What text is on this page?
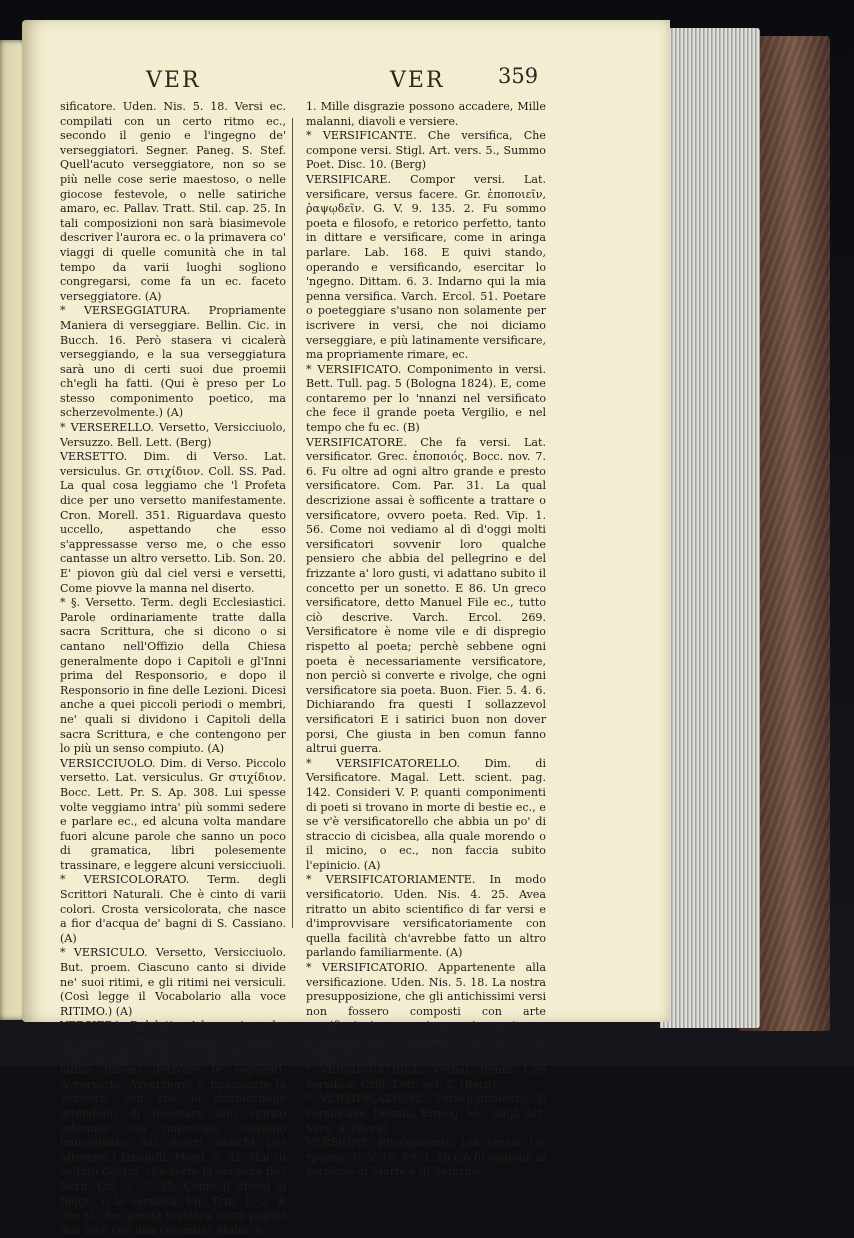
VER	VER	359

sificatore. Uden. Nis. 5. 18. Versi ec. compilati con un certo ritmo ec., secondo il genio e l'ingegno de' verseggiatori. Segner. Paneg. S. Stef. Quell'acuto verseggiatore, non so se più nelle cose serie maestoso, o nelle giocose festevole, o nelle satiriche amaro, ec. Pallav. Tratt. Stil. cap. 25. In tali composizioni non sarà biasimevole descriver l'aurora ec. o la primavera co' viaggi di quelle comunità che in tal tempo da varii luoghi sogliono congregarsi, come fa un ec. faceto verseggiatore. (A)

* VERSEGGIATURA. Propriamente Maniera di verseggiare. Bellin. Cic. in Bucch. 16. Però stasera vi cicalerà verseggiando, e la sua verseggiatura sarà uno di certi suoi due proemii ch'egli ha fatti. (Qui è preso per Lo stesso componimento poetico, ma scherzevolmente.) (A)

* VERSERELLO. Versetto, Versicciuolo, Versuzzo. Bell. Lett. (Berg)

VERSETTO. Dim. di Verso. Lat. versiculus. Gr. στιχίδιον. Coll. SS. Pad. La qual cosa leggiamo che 'l Profeta dice per uno versetto manifestamente. Cron. Morell. 351. Riguardava questo uccello, aspettando che esso s'appressasse verso me, o che esso cantasse un altro versetto. Lib. Son. 20. E' piovon giù dal ciel versi e versetti, Come piovve la manna nel diserto.

* §. Versetto. Term. degli Ecclesiastici. Parole ordinariamente tratte dalla sacra Scrittura, che si dicono o si cantano nell'Offizio della Chiesa generalmente dopo i Capitoli e gl'Inni prima del Responsorio, e dopo il Responsorio in fine delle Lezioni. Dicesi anche a quei piccoli periodi o membri, ne' quali si dividono i Capitoli della sacra Scrittura, e che contengono per lo più un senso compiuto. (A)

VERSICCIUOLO. Dim. di Verso. Piccolo versetto. Lat. versiculus. Gr στιχίδιον. Bocc. Lett. Pr. S. Ap. 308. Lui spesse volte veggiamo intra' più sommi sedere e parlare ec., ed alcuna volta mandare fuori alcune parole che sanno un poco di gramatica, libri polesemente trassinare, e leggere alcuni versicciuoli.

* VERSICOLORATO. Term. degli Scrittori Naturali. Che è cinto di varii colori. Crosta versicolorata, che nasce a fior d'acqua de' bagni di S. Cassiano. (A)

* VERSICULO. Versetto, Versicciuolo. But. proem. Ciascuno canto si divide ne' suoi ritimi, e gli ritimi nei versiculi. (Così legge il Vocabolario alla voce RITIMO.) (A)

VERSIERA. Dal latin. Adversarius, che in senso scritturale significa l' inimico degli uomini, il Diavolo. Da essa voce latina furono derivate le seguenti: Avversario, Avversiere; e finalmente la Versiera, con che le donnicciuole intendono di denotare uno spirito infernale con improvido consiglio immaginato dai nostri antichi per atterrire i fanciulli. Morg. 5. 42. Hai tu veduto Costui, che certo la versiera fia? Bern. Orl. 3. 7. 55. Come il diavol si fugge, o la versiera. Fir. Trin. 1. 2. E che sì, che questa versiera vorrà pigliar due fave con una colomba? Malm. 8.

1. Mille disgrazie possono accadere, Mille malanni, diavoli e versiere.

* VERSIFICANTE. Che versifica, Che compone versi. Stigl. Art. vers. 5., Summo Poet. Disc. 10. (Berg)

VERSIFICARE. Compor versi. Lat. versificare, versus facere. Gr. ἐποποιεῖν, ῥαψῳδεῖν. G. V. 9. 135. 2. Fu sommo poeta e filosofo, e retorico perfetto, tanto in dittare e versificare, come in aringa parlare. Lab. 168. E quivi standο, operando e versificando, esercitar lo 'ngegno. Dittam. 6. 3. Indarno qui la mia penna versifica. Varch. Ercol. 51. Poetare o poeteggiare s'usano non solamente per iscrivere in versi, che noi diciamo verseggiare, e più latinamente versificare, ma propriamente rimare, ec.

* VERSIFICATO. Componimento in versi. Bett. Tull. pag. 5 (Bologna 1824). E, come contaremo per lo 'nnanzi nel versificato che fece il grande poeta Vergilio, e nel tempo che fu ec. (B)

VERSIFICATORE. Che fa versi. Lat. versificator. Grec. ἐποποιός. Bocc. nov. 7. 6. Fu oltre ad ogni altro grande e presto versificatore. Com. Par. 31. La qual descrizione assai è sofficente a trattare o versificatore, ovvero poeta. Red. Vip. 1. 56. Come noi vediamo al dì d'oggi molti versificatori sovvenir loro qualche pensiero che abbia del pellegrino e del frizzante a' loro gusti, vi adattano subito il concetto per un sonetto. E 86. Un greco versificatore, detto Manuel File ec., tutto ciò descrive. Varch. Ercol. 269. Versificatore è nome vile e di dispregio rispetto al poeta; perchè sebbene ogni poeta è necessariamente versificatore, non perciò si converte e rivolge, che ogni versificatore sia poeta. Buon. Fier. 5. 4. 6. Dichiarando fra questi I sollazzevol versificatori E i satirici buon non dover porsi, Che giusta in ben comun fanno altrui guerra.

* VERSIFICATORELLO. Dim. di Versificatore. Magal. Lett. scient. pag. 142. Consideri V. P. quanti componimenti di poeti si trovano in morte di bestie ec., e se v'è versificatorello che abbia un po' di straccio di cicisbea, alla quale morendo o il micino, o ec., non faccia subito l'epinicio. (A)

* VERSIFICATORIAMENTE. In modo versificatorio. Uden. Nis. 4. 25. Avea ritratto un abito scientifico di far versi e d'improvvisare versificatoriamente con quella facilità ch'avrebbe fatto un altro parlando familiarmente. (A)

* VERSIFICATORIO. Appartenente alla versificazione. Uden. Nis. 5. 18. La nostra presupposizione, che gli antichissimi versi non fossero composti con arte versificatoria, ma improvvisamente, o pensatamente compilati con un certo ritmo, ec. (A)

* VERSIFICATRICE. Verbal. femm. Che versifica. Grill. Lett. vol. 2. (Berg)

* VERSIFICAZIONE. Verseggiamento, Il versificare. Delmin. Ermog. 56., Stigl. Art. Vers. 4. (Berg)

VERSIONE. Rivolgimento. Lat. versio. Gr. τρόπος. G. V. 10. 69. 1. Di ciò fu cagione la versione di Marte e di Saturno.
